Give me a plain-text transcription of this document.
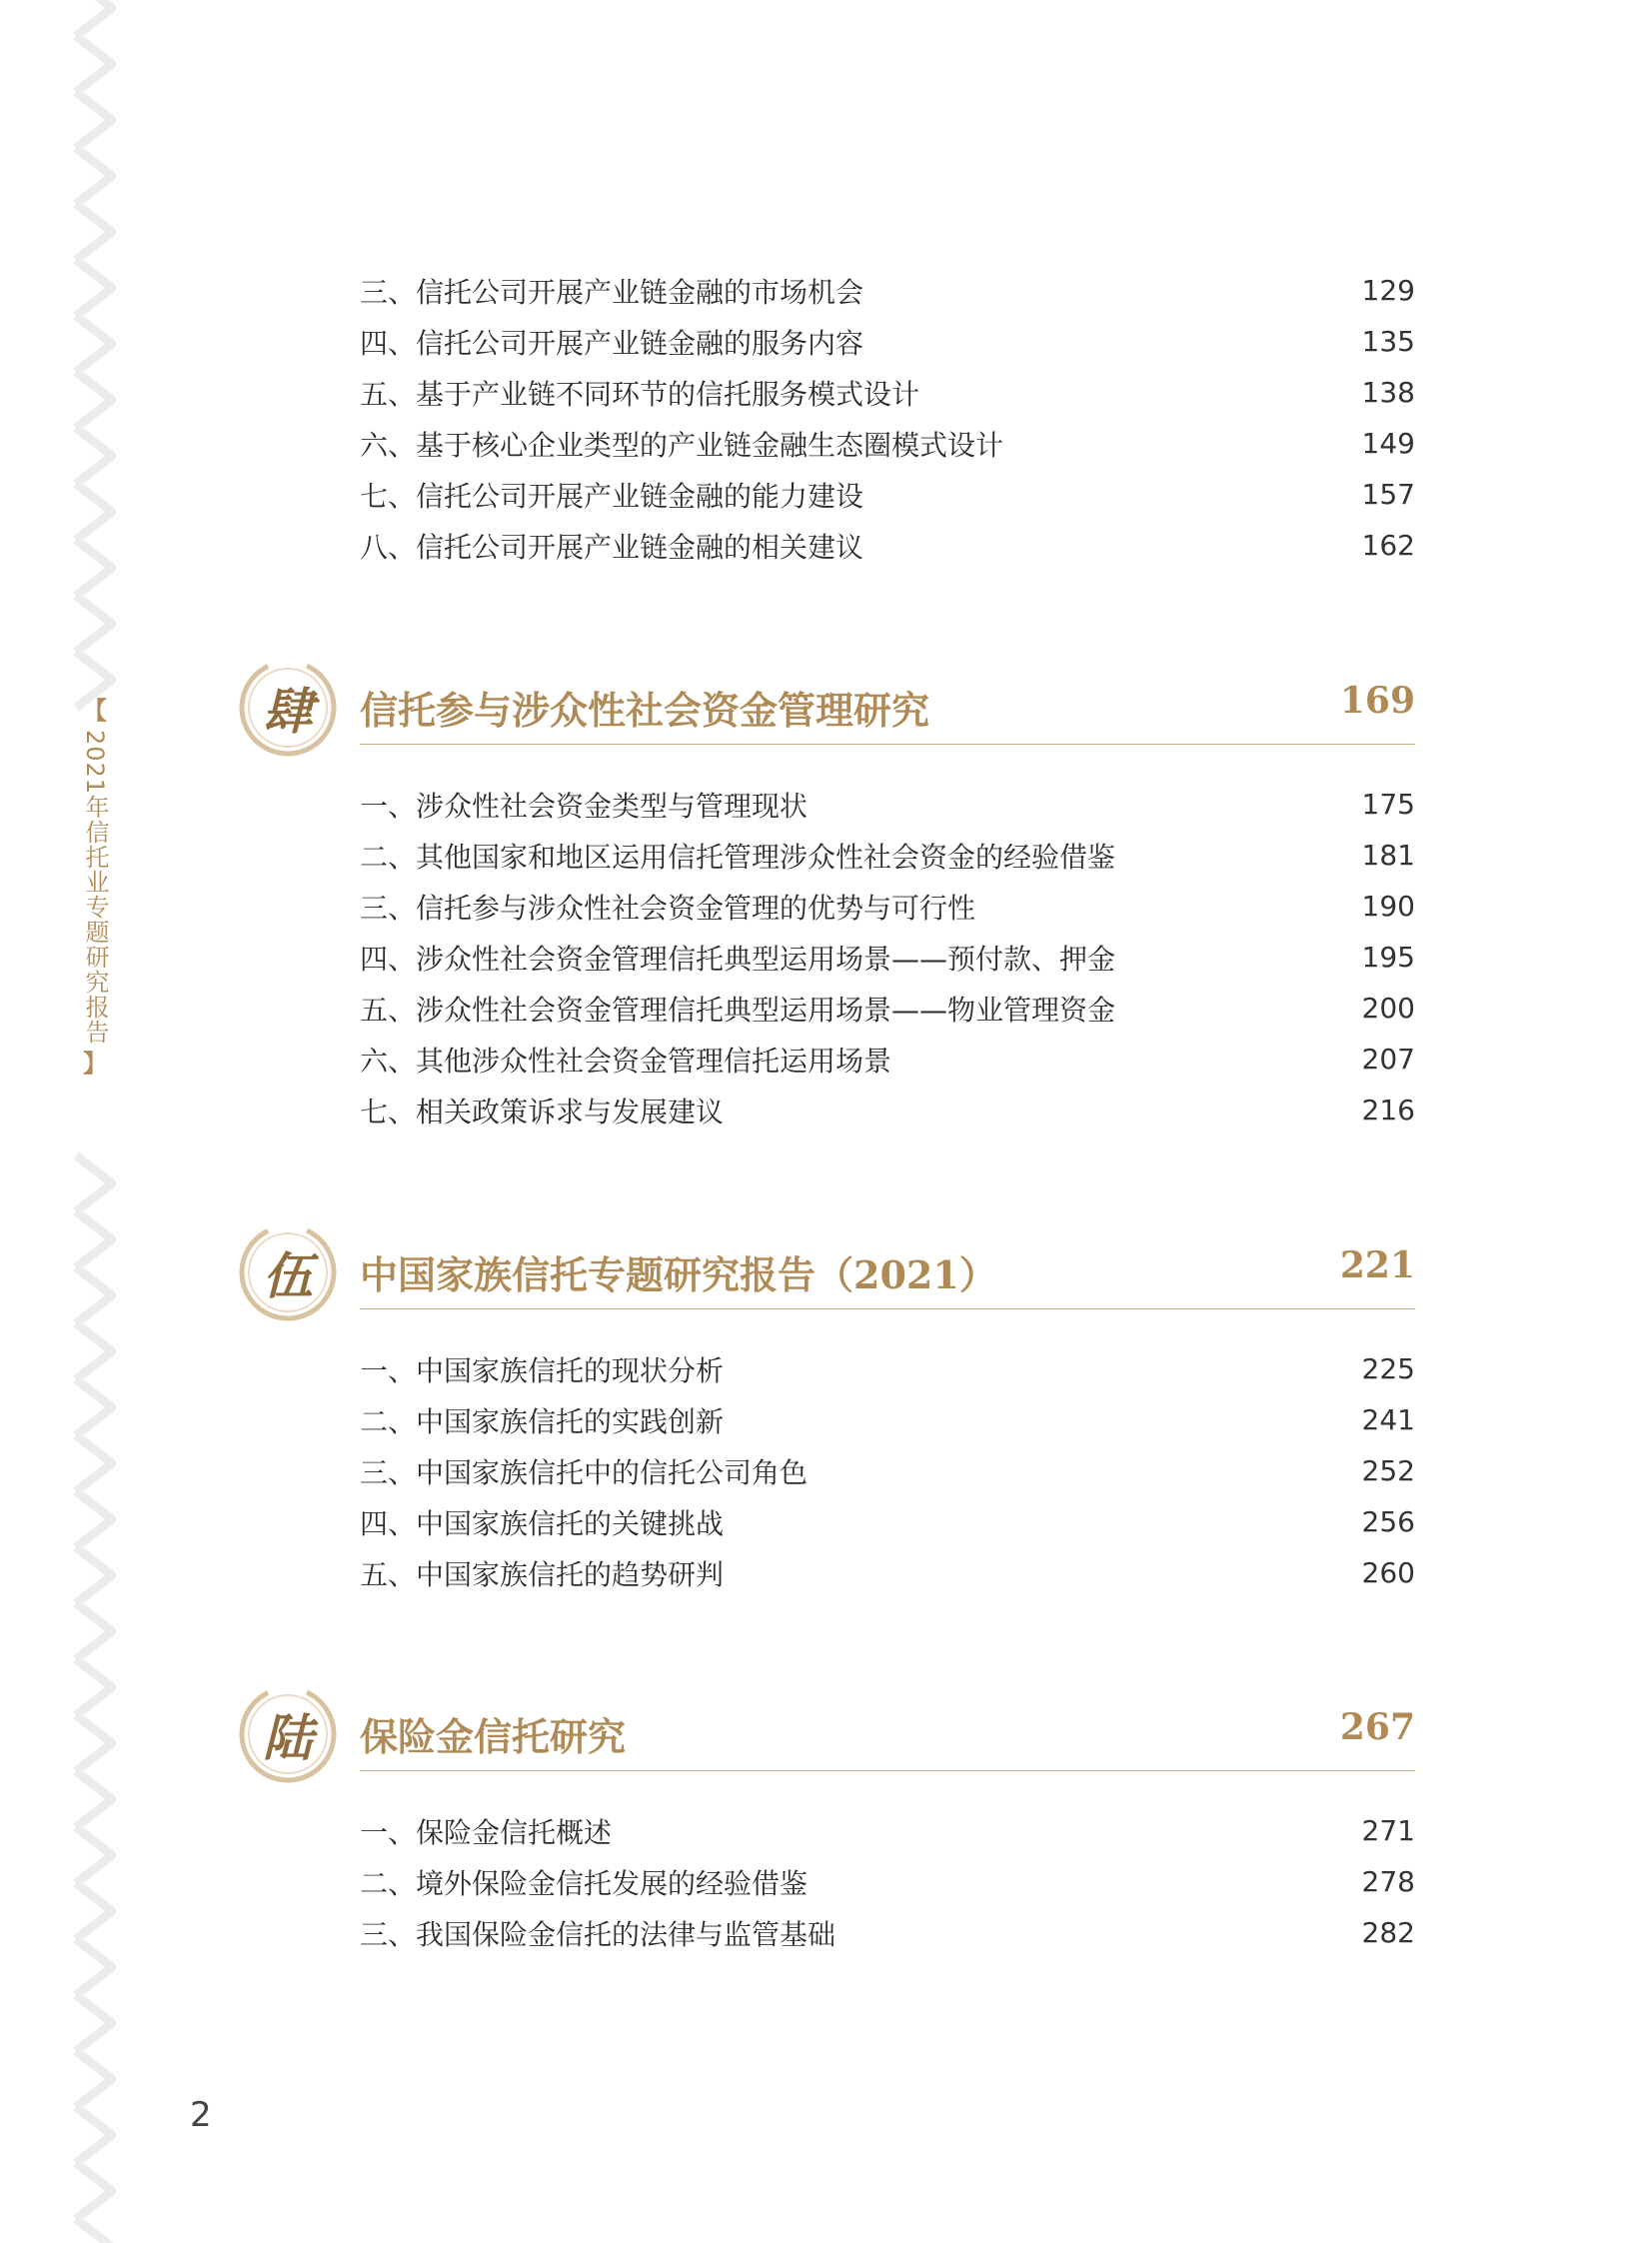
【
2021年信托业专题研究报告
】
三、信托公司开展产业链金融的市场机会	129
四、信托公司开展产业链金融的服务内容	135
五、基于产业链不同环节的信托服务模式设计	138
六、基于核心企业类型的产业链金融生态圈模式设计	149
七、信托公司开展产业链金融的能力建设	157
八、信托公司开展产业链金融的相关建议	162
肆	信托参与涉众性社会资金管理研究	169
一、涉众性社会资金类型与管理现状	175
二、其他国家和地区运用信托管理涉众性社会资金的经验借鉴	181
三、信托参与涉众性社会资金管理的优势与可行性	190
四、涉众性社会资金管理信托典型运用场景——预付款、押金	195
五、涉众性社会资金管理信托典型运用场景——物业管理资金	200
六、其他涉众性社会资金管理信托运用场景	207
七、相关政策诉求与发展建议	216
伍	中国家族信托专题研究报告（2021）	221
一、中国家族信托的现状分析	225
二、中国家族信托的实践创新	241
三、中国家族信托中的信托公司角色	252
四、中国家族信托的关键挑战	256
五、中国家族信托的趋势研判	260
陆	保险金信托研究	267
一、保险金信托概述	271
二、境外保险金信托发展的经验借鉴	278
三、我国保险金信托的法律与监管基础	282
2
